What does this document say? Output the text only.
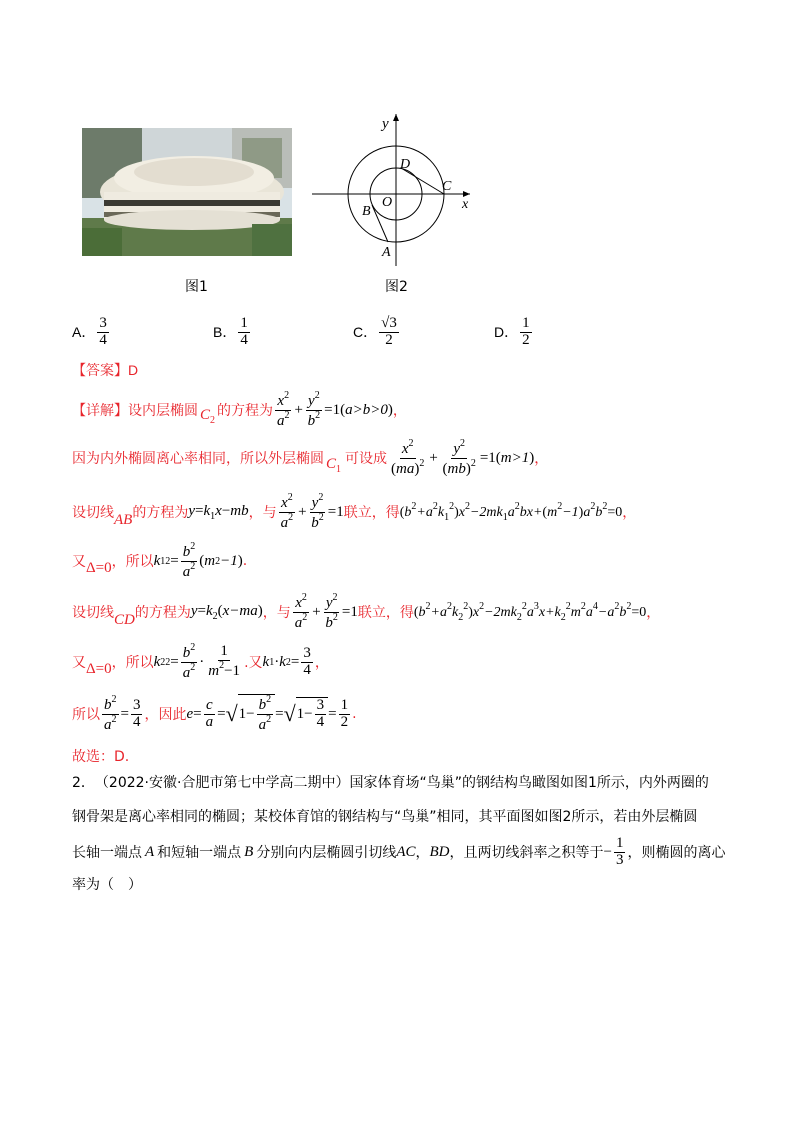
图1
y
x
O
D
C
B
A
图2
A． $\frac{3}{4}$	B． $\frac{1}{4}$	C． $\frac{√3}{2}$	D． $\frac{1}{2}$
【答案】 D
【详解】 设内层椭圆 $C_2$
的方程为 $\frac{x^2}{a^2} + \frac{y^2}{b^2} =1$( a>b>0 ) ，
因为内外椭圆离心率相同，所以外层椭圆 $C_1$
可设成 $\frac{x^2}{(ma)^2} + \frac{y^2}{(mb)^2} =1$( m>1 ) ，
设切线 AB 的方程为 $y=k_1x-mb$ ，与 $\frac{x^2}{a^2} + \frac{y^2}{b^2} =1$ 联立，得 $(b^2+a^2k_1^2)x^2-2mk_1a^2bx+(m^2-1)a^2b^2=0$ ，
又 Δ=0 ，所以 k 1 $2 = \frac{b^2}{a^2}$ ( m 2 −1 ) .
设切线 CD 的方程为 $y=k_2(x-ma)$ ，与 $\frac{x^2}{a^2} + \frac{y^2}{b^2} =1$ 联立，得 $(b^2+a^2k_2^2)x^2-2mk_2^2a^3x+k_2^2m^2a^4-a^2b^2=0$ ，
又 Δ=0 ，所以 k 2 $2 = \frac{b^2}{a^2} \cdot \frac{1}{m^2-1}$ .又 k 1 · k $2 = \frac{3}{4}$ ，
所以 $\frac{b^2}{a^2} = \frac{3}{4}$ ，因此 $e = \frac{c}{a}$ = √ $1- \frac{b^2}{a^2}$ = √ $1- \frac{3}{4} = \frac{1}{2}$ .
故选：D.
2． （2022·安徽·合肥市第七中学高二期中） 国家体育场“鸟巢”的钢结构鸟瞰图如图1所示，内外两圈的
钢骨架是离心率相同的椭圆；某校体育馆的钢结构与“鸟巢”相同，其平面图如图2所示，若由外层椭圆
长轴一端点 A 和短轴一端点 B 分别向内层椭圆引切线 AC ， BD ，且两切线斜率之积等于 − $\frac{1}{3}$ ，则椭圆的离心
率为（　）
